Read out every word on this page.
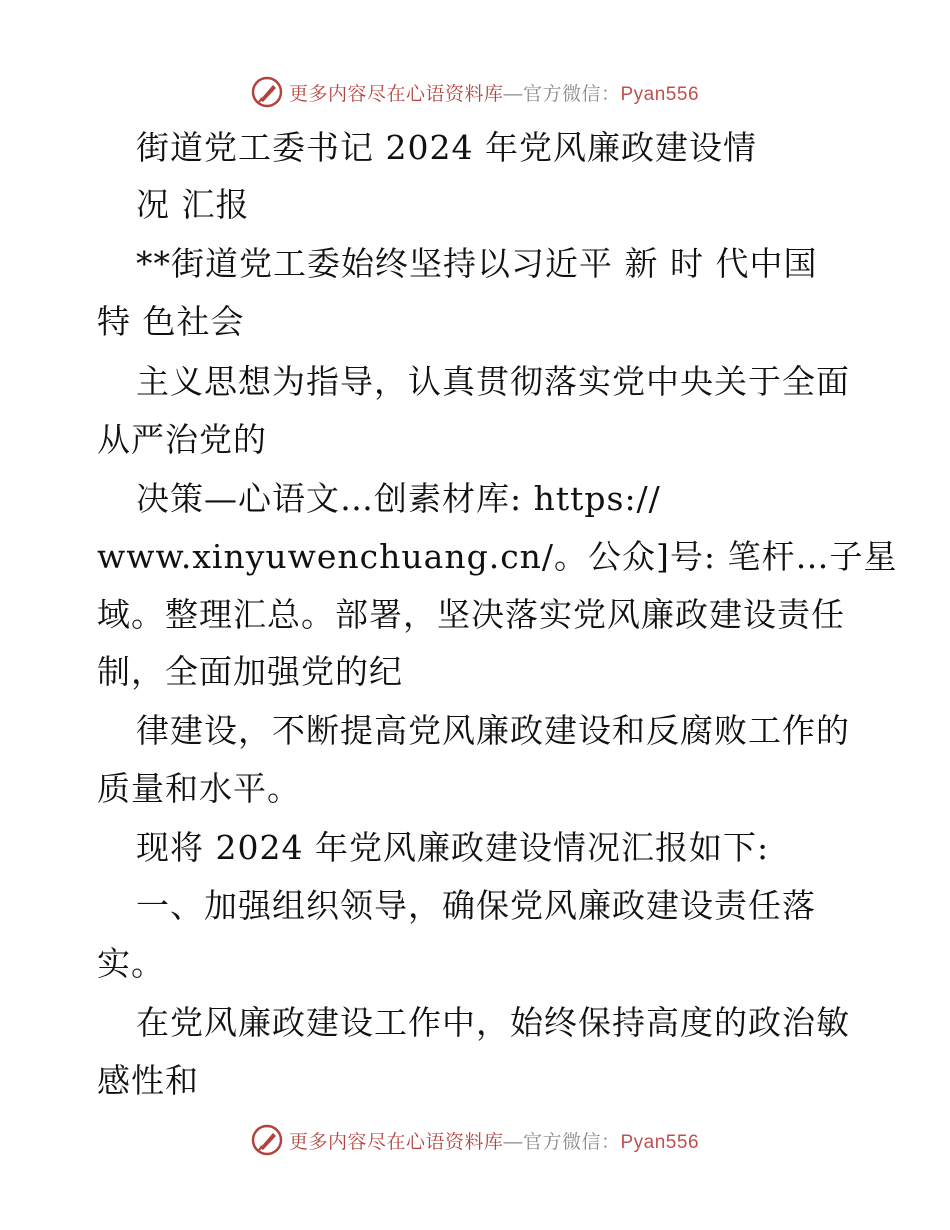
更多内容尽在心语资料库—官方微信：Pyan556
街道党工委书记 2024 年党风廉政建设情
况 汇报
**街道党工委始终坚持以习近平 新 时 代中国
特 色社会
主义思想为指导，认真贯彻落实党中央关于全面
从严治党的
决策—心语文…创素材库: https://
www.xinyuwenchuang.cn/。公众]号: 笔杆…子星
域。整理汇总。部署，坚决落实党风廉政建设责任
制，全面加强党的纪
律建设，不断提高党风廉政建设和反腐败工作的
质量和水平。
现将 2024 年党风廉政建设情况汇报如下:
一、加强组织领导，确保党风廉政建设责任落
实。
在党风廉政建设工作中，始终保持高度的政治敏
感性和
更多内容尽在心语资料库—官方微信：Pyan556
